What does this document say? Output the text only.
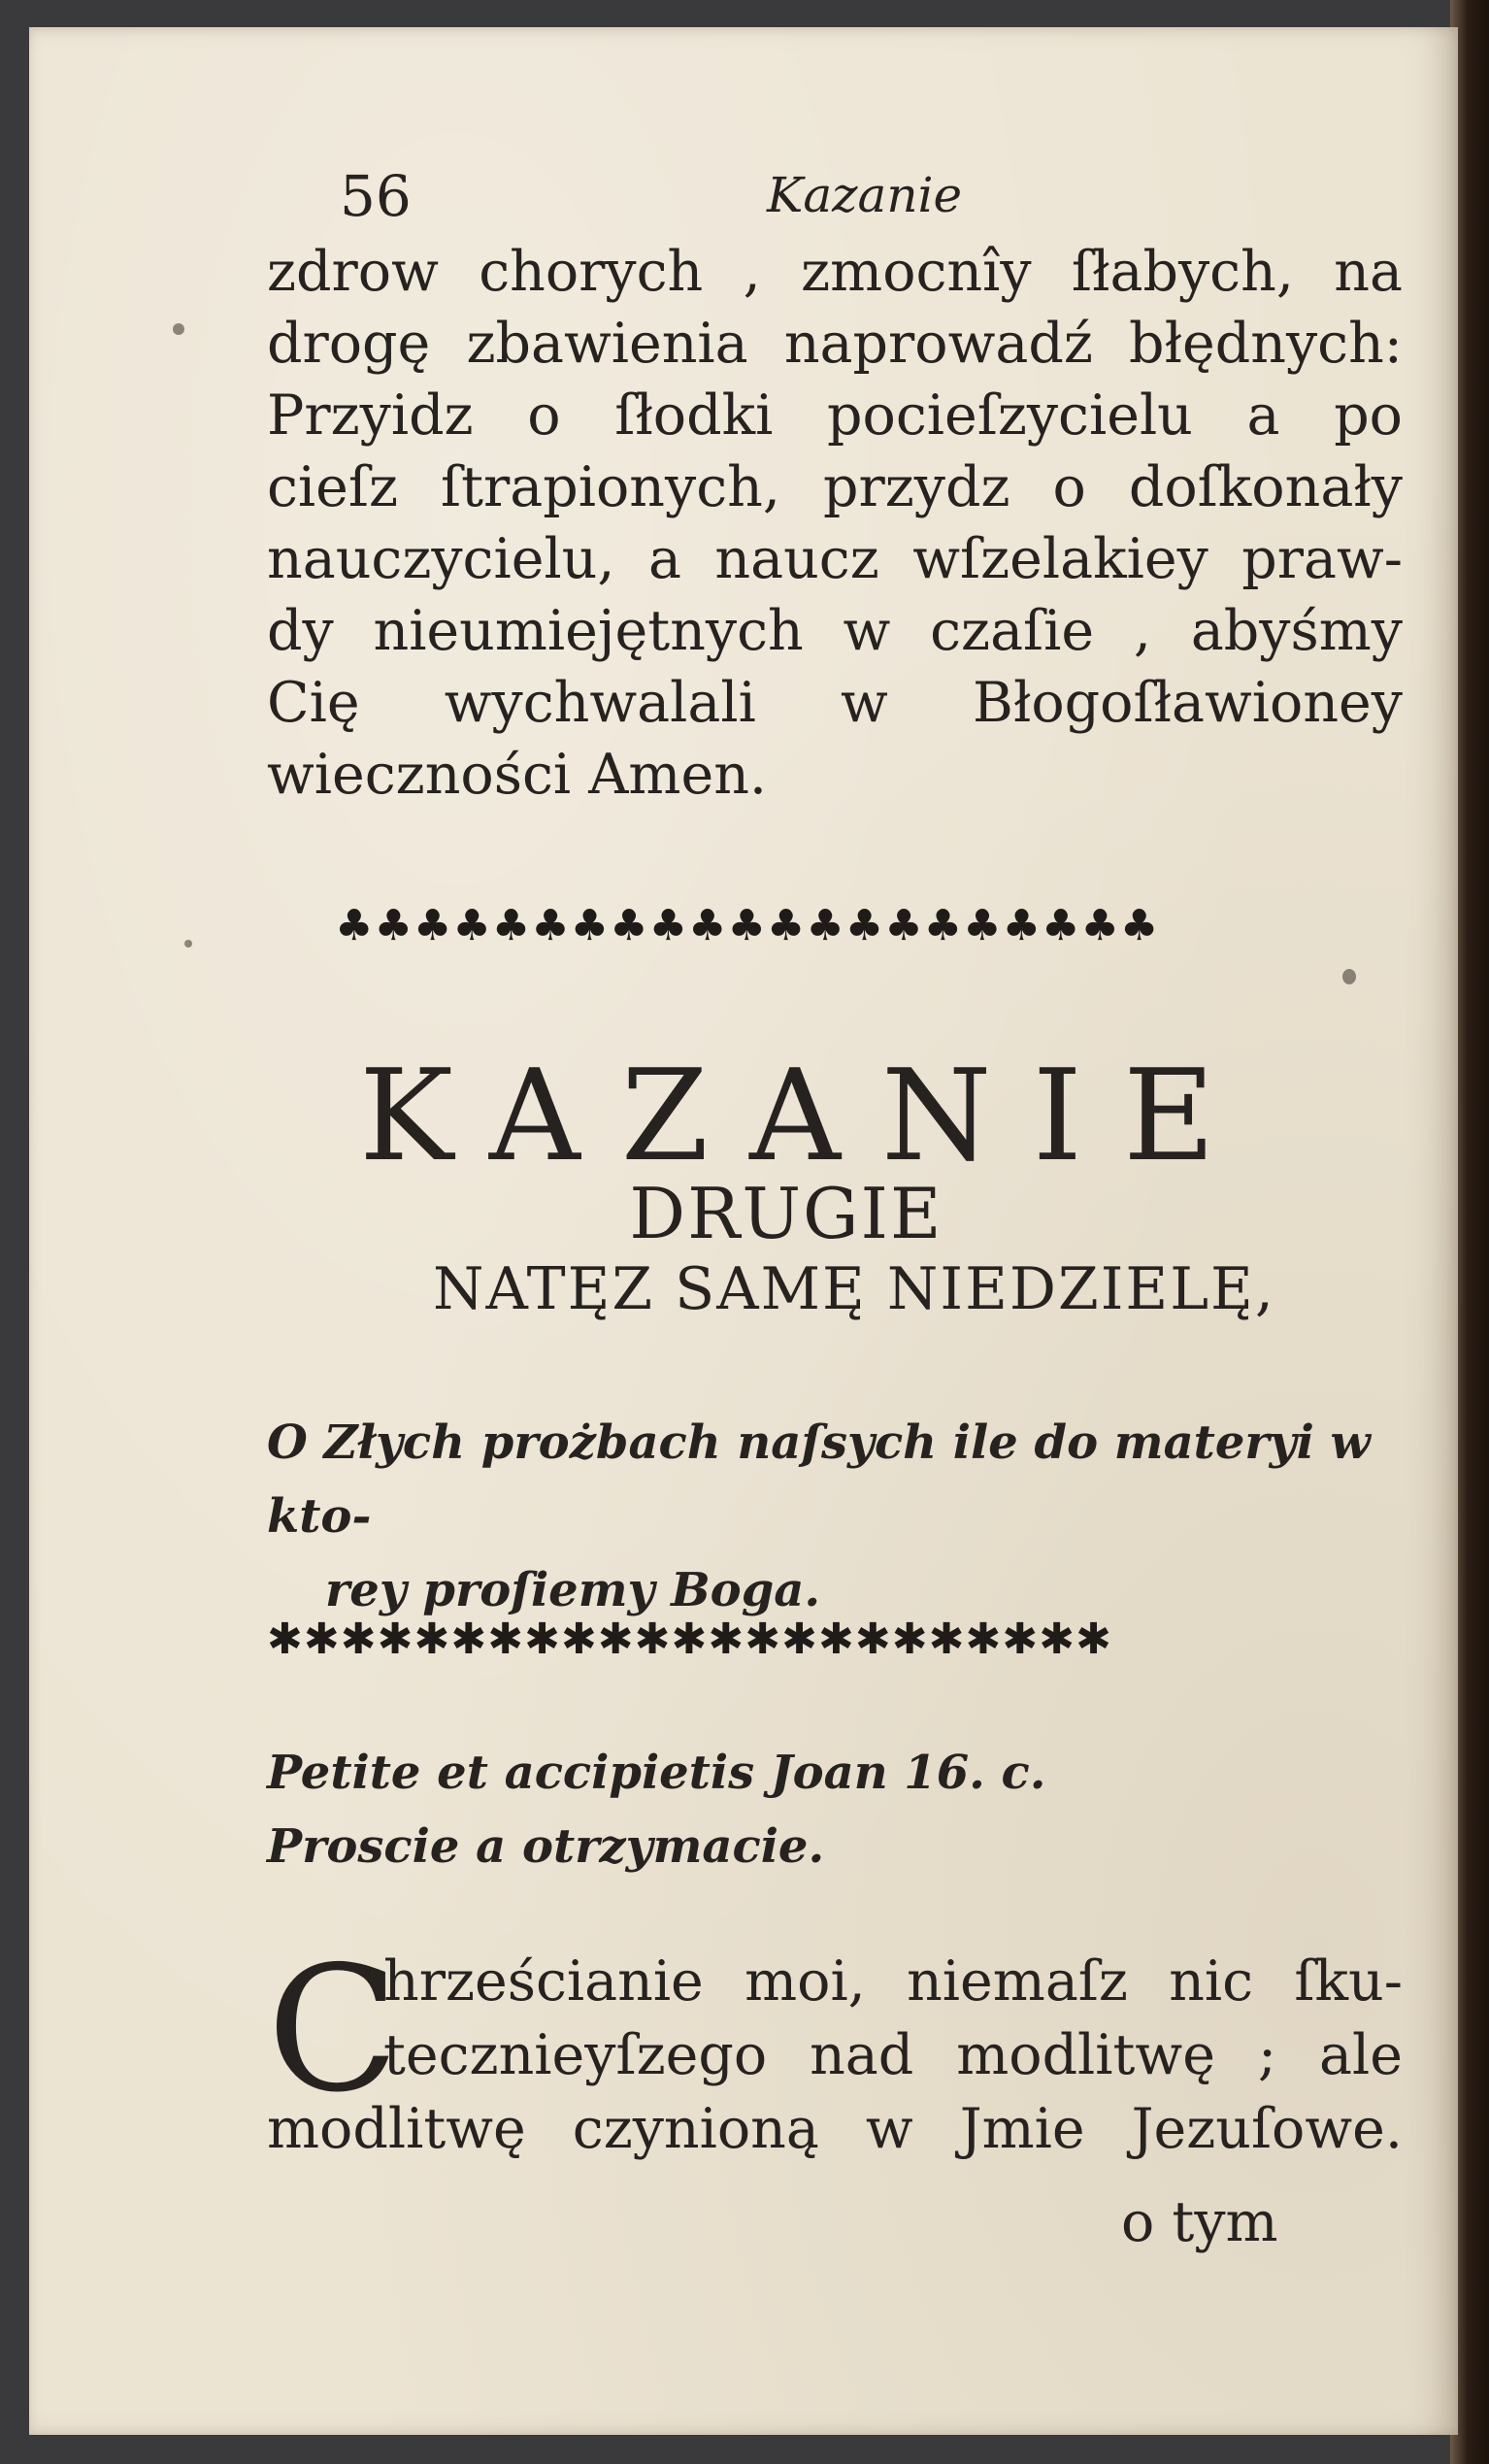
56	Kazanie
zdrow chorych , zmocnîy ſłabych, na
drogę zbawienia naprowadź błędnych:
Przyidz o ſłodki pocieſzycielu a po
cieſz ſtrapionych, przydz o doſkonały
nauczycielu, a naucz wſzelakiey praw-
dy nieumiejętnych w czaſie , abyśmy
Cię wychwalali w Błogoſławioney
wieczności Amen.
♣♣♣♣♣♣♣♣♣♣♣♣♣♣♣♣♣♣♣♣♣
KAZANIE
DRUGIE
NATĘZ SAMĘ NIEDZIELĘ,
O Złych prożbach naſsych ile do materyi w kto-
rey proſiemy Boga.
✱✱✱✱✱✱✱✱✱✱✱✱✱✱✱✱✱✱✱✱✱✱✱
Petite et accipietis Joan 16. c.
Proscie a otrzymacie.
C
hrześcianie moi, niemaſz nic ſku-
tecznieyſzego nad modlitwę ; ale
modlitwę czynioną w Jmie Jezuſowe.
o tym
